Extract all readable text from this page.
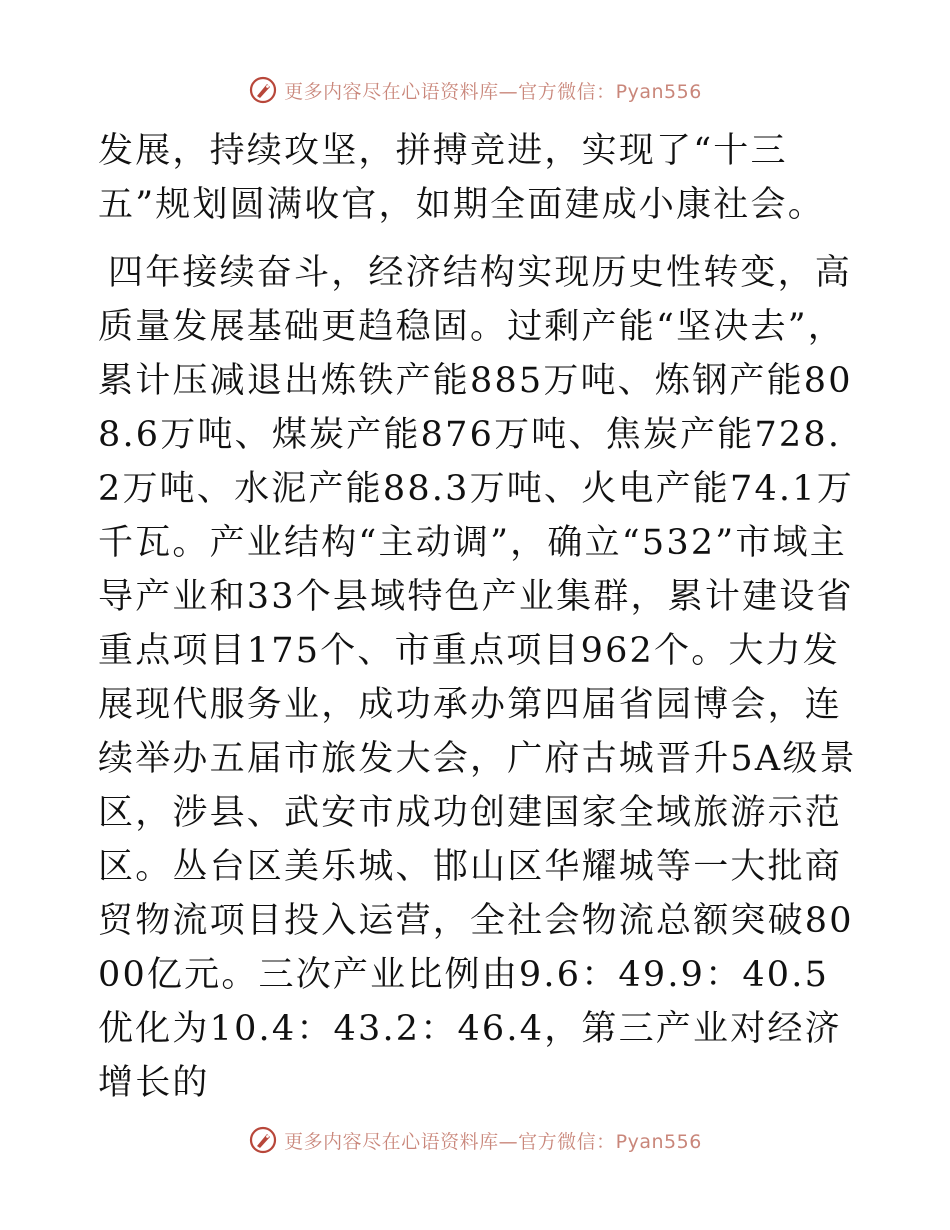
更多内容尽在心语资料库—官方微信：Pyan556

发展，持续攻坚，拼搏竞进，实现了“十三五”规划圆满收官，如期全面建成小康社会。

四年接续奋斗，经济结构实现历史性转变，高质量发展基础更趋稳固。过剩产能“坚决去”，累计压减退出炼铁产能885万吨、炼钢产能808.6万吨、煤炭产能876万吨、焦炭产能728.2万吨、水泥产能88.3万吨、火电产能74.1万千瓦。产业结构“主动调”，确立“532”市域主导产业和33个县域特色产业集群，累计建设省重点项目175个、市重点项目962个。大力发展现代服务业，成功承办第四届省园博会，连续举办五届市旅发大会，广府古城晋升5A级景区，涉县、武安市成功创建国家全域旅游示范区。丛台区美乐城、邯山区华耀城等一大批商贸物流项目投入运营，全社会物流总额突破8000亿元。三次产业比例由9.6：49.9：40.5优化为10.4：43.2：46.4，第三产业对经济增长的

更多内容尽在心语资料库—官方微信：Pyan556
